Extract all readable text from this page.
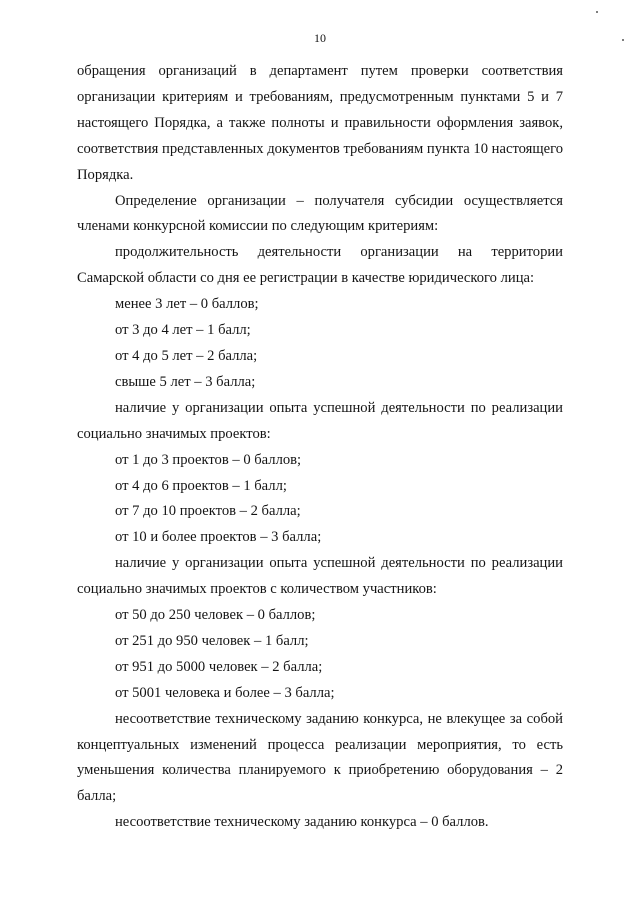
10

обращения организаций в департамент путем проверки соответствия организации критериям и требованиям, предусмотренным пунктами 5 и 7 настоящего Порядка, а также полноты и правильности оформления заявок, соответствия представленных документов требованиям пункта 10 настоящего Порядка.

Определение организации – получателя субсидии осуществляется членами конкурсной комиссии по следующим критериям:

продолжительность деятельности организации на территории Самарской области со дня ее регистрации в качестве юридического лица:

менее 3 лет – 0 баллов;

от 3 до 4 лет – 1 балл;

от 4 до 5 лет – 2 балла;

свыше 5 лет – 3 балла;

наличие у организации опыта успешной деятельности по реализации социально значимых проектов:

от 1 до 3 проектов – 0 баллов;

от 4 до 6 проектов – 1 балл;

от 7 до 10 проектов – 2 балла;

от 10 и более проектов – 3 балла;

наличие у организации опыта успешной деятельности по реализации социально значимых проектов с количеством участников:

от 50 до 250 человек – 0 баллов;

от 251 до 950 человек – 1 балл;

от 951 до 5000 человек – 2 балла;

от 5001 человека и более – 3 балла;

несоответствие техническому заданию конкурса, не влекущее за собой концептуальных изменений процесса реализации мероприятия, то есть уменьшения количества планируемого к приобретению оборудования – 2 балла;

несоответствие техническому заданию конкурса – 0 баллов.
